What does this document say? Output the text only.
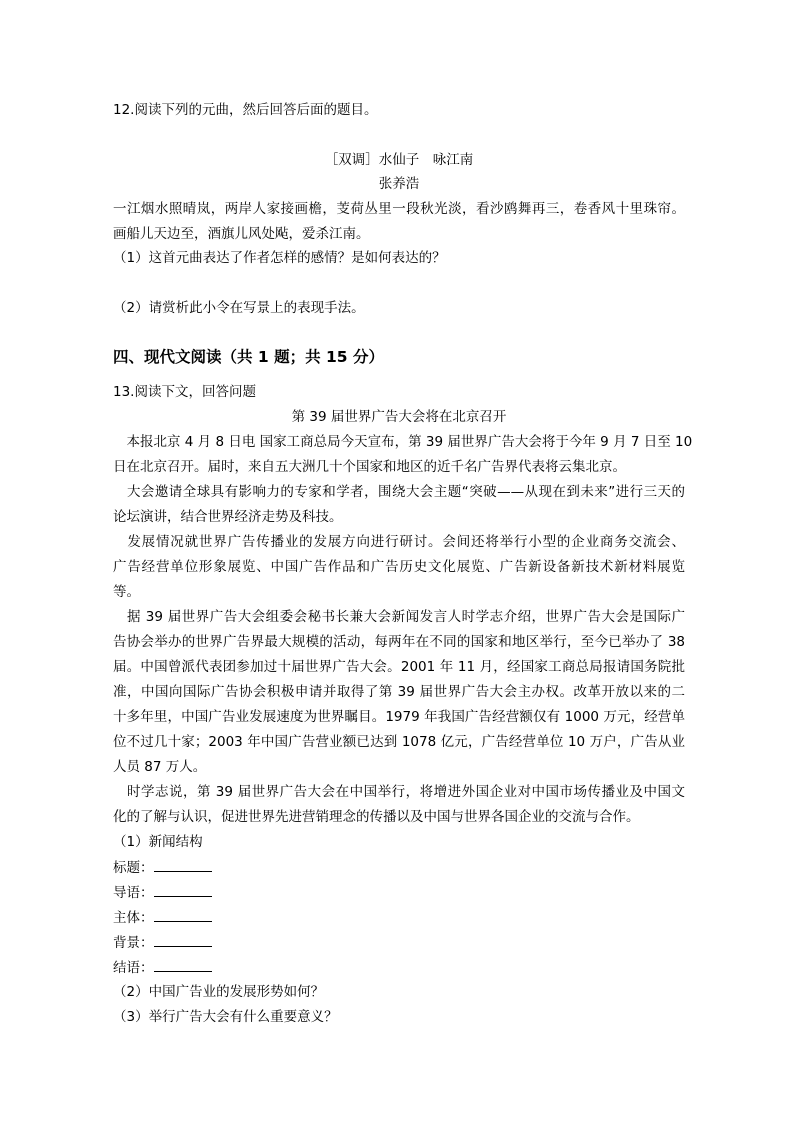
12.阅读下列的元曲，然后回答后面的题目。

［双调］水仙子　咏江南

张养浩

一江烟水照晴岚，两岸人家接画檐，芰荷丛里一段秋光淡，看沙鸥舞再三，卷香风十里珠帘。

画船儿天边至，酒旗儿风处飐，爱杀江南。

（1）这首元曲表达了作者怎样的感情？是如何表达的？

（2）请赏析此小令在写景上的表现手法。

四、现代文阅读（共 1 题；共 15 分）

13.阅读下文，回答问题

第 39 届世界广告大会将在北京召开

　本报北京 4 月 8 日电 国家工商总局今天宣布，第 39 届世界广告大会将于今年 9 月 7 日至 10

日在北京召开。届时，来自五大洲几十个国家和地区的近千名广告界代表将云集北京。

　大会邀请全球具有影响力的专家和学者，围绕大会主题“突破——从现在到未来”进行三天的

论坛演讲，结合世界经济走势及科技。

　发展情况就世界广告传播业的发展方向进行研讨。会间还将举行小型的企业商务交流会、

广告经营单位形象展览、中国广告作品和广告历史文化展览、广告新设备新技术新材料展览

等。

　据 39 届世界广告大会组委会秘书长兼大会新闻发言人时学志介绍，世界广告大会是国际广

告协会举办的世界广告界最大规模的活动，每两年在不同的国家和地区举行，至今已举办了 38

届。中国曾派代表团参加过十届世界广告大会。2001 年 11 月，经国家工商总局报请国务院批

准，中国向国际广告协会积极申请并取得了第 39 届世界广告大会主办权。改革开放以来的二

十多年里，中国广告业发展速度为世界瞩目。1979 年我国广告经营额仅有 1000 万元，经营单

位不过几十家；2003 年中国广告营业额已达到 1078 亿元，广告经营单位 10 万户，广告从业

人员 87 万人。

　时学志说，第 39 届世界广告大会在中国举行，将增进外国企业对中国市场传播业及中国文

化的了解与认识，促进世界先进营销理念的传播以及中国与世界各国企业的交流与合作。

（1）新闻结构

标题：

导语：

主体：

背景：

结语：

（2）中国广告业的发展形势如何？

（3）举行广告大会有什么重要意义？
